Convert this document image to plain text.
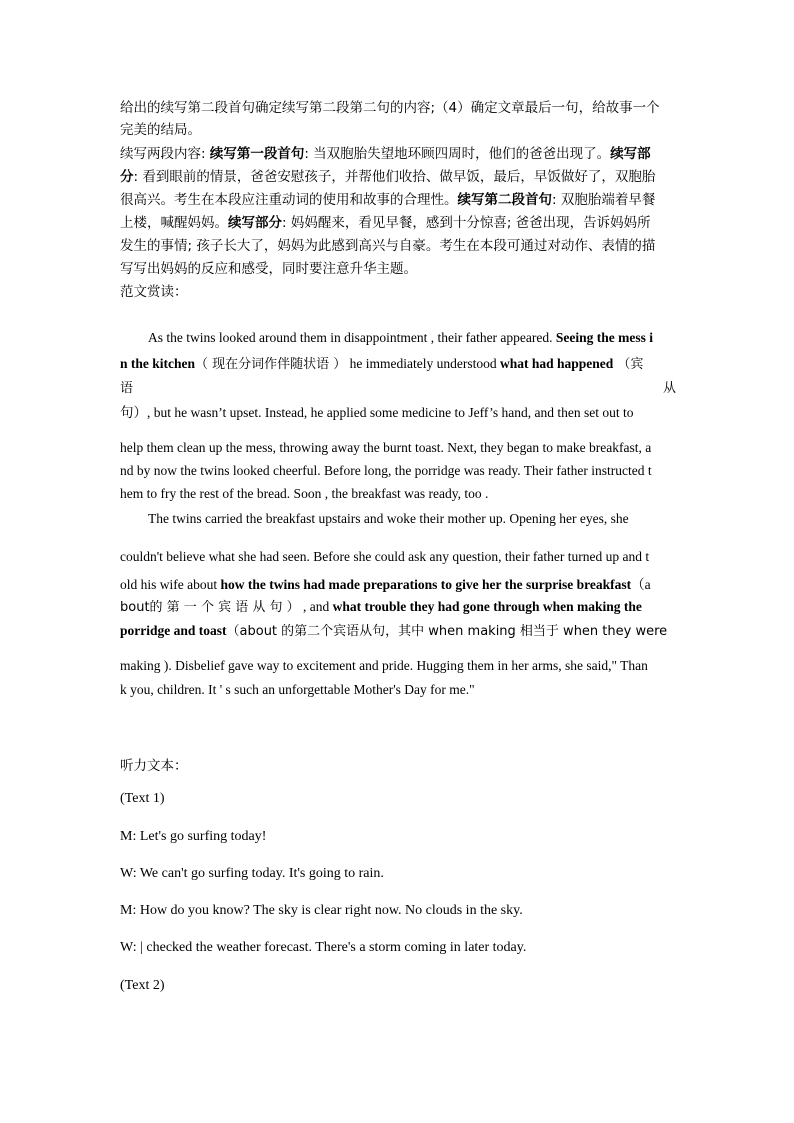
给出的续写第二段首句确定续写第二段第二句的内容;（4）确定文章最后一句，给故事一个
完美的结局。
续写两段内容: 续写第一段首句: 当双胞胎失望地环顾四周时，他们的爸爸出现了。续写部
分: 看到眼前的情景，爸爸安慰孩子，并帮他们收拾、做早饭，最后，早饭做好了，双胞胎
很高兴。考生在本段应注重动词的使用和故事的合理性。续写第二段首句: 双胞胎端着早餐
上楼，喊醒妈妈。续写部分: 妈妈醒来，看见早餐，感到十分惊喜; 爸爸出现，告诉妈妈所
发生的事情; 孩子长大了，妈妈为此感到高兴与自豪。考生在本段可通过对动作、表情的描
写写出妈妈的反应和感受，同时要注意升华主题。
范文赏读：
As the twins looked around them in disappointment , their father appeared. Seeing the mess i
n the kitchen（ 现在分词作伴随状语 ） he immediately understood what had happened （宾
语	从
句）, but he wasn’t upset. Instead, he applied some medicine to Jeff’s hand, and then set out to
help them clean up the mess, throwing away the burnt toast. Next, they began to make breakfast, a
nd by now the twins looked cheerful. Before long, the porridge was ready. Their father instructed t
hem to fry the rest of the bread. Soon , the breakfast was ready, too .
The twins carried the breakfast upstairs and woke their mother up. Opening her eyes, she
couldn't believe what she had seen. Before she could ask any question, their father turned up and t
old his wife about how the twins had made preparations to give her the surprise breakfast（a
bout的 第 一 个 宾 语 从 句 ） , and what trouble they had gone through when making the
porridge and toast（about 的第二个宾语从句，其中 when making 相当于 when they were
making ). Disbelief gave way to excitement and pride. Hugging them in her arms, she said," Than
k you, children. It ' s such an unforgettable Mother's Day for me."
听力文本：
(Text 1)
M: Let's go surfing today!
W: We can't go surfing today. It's going to rain.
M: How do you know? The sky is clear right now. No clouds in the sky.
W: | checked the weather forecast. There's a storm coming in later today.
(Text 2)
